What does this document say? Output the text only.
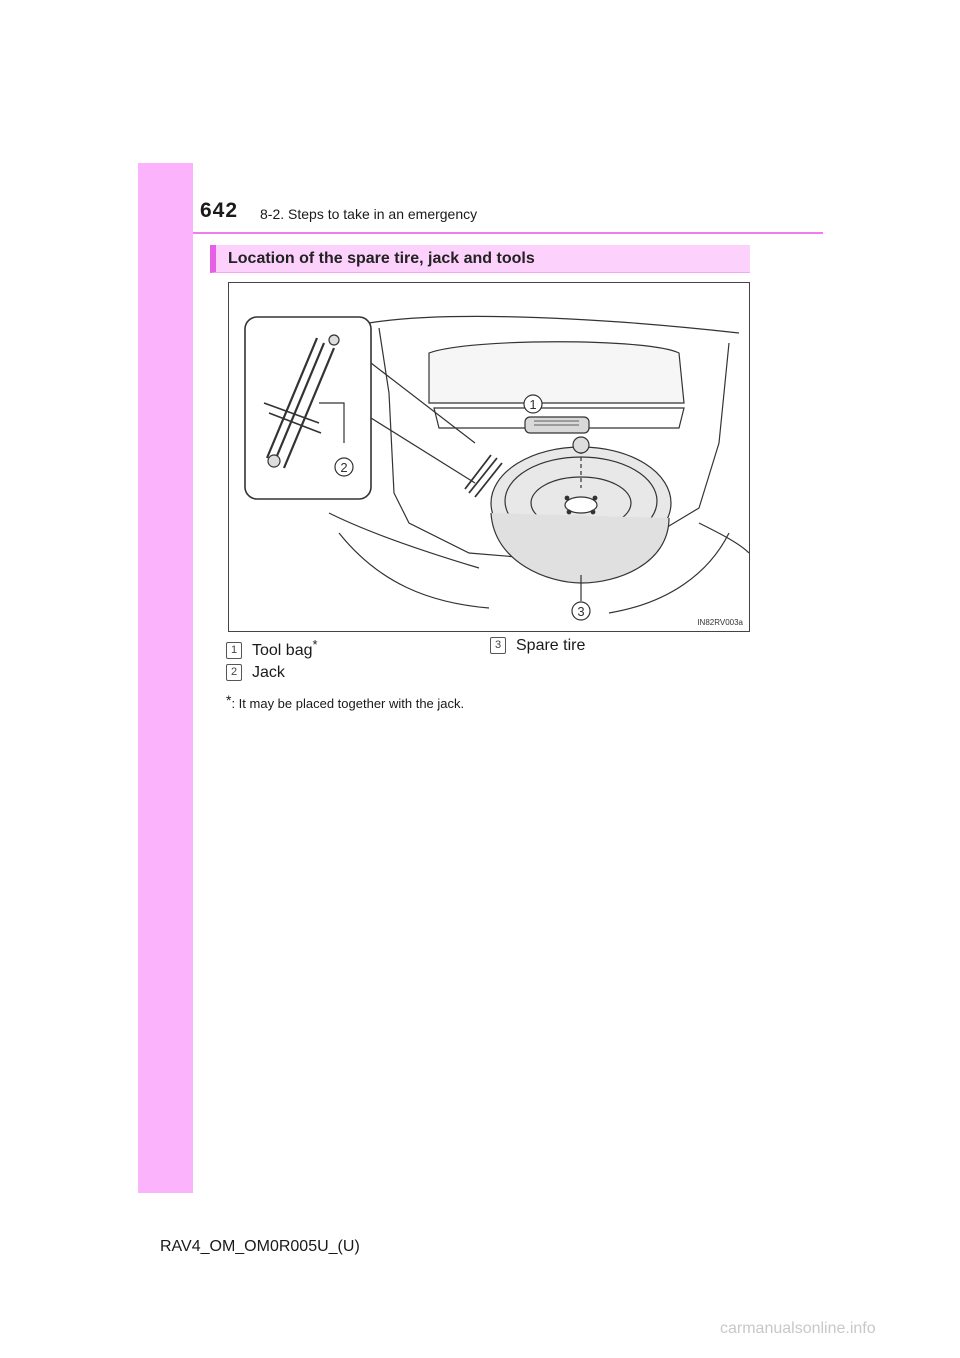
642 8-2. Steps to take in an emergency
Location of the spare tire, jack and tools
1
2
3
IN82RV003a
1 Tool bag*
2 Jack
3 Spare tire
*: It may be placed together with the jack.
RAV4_OM_OM0R005U_(U)
carmanualsonline.info
